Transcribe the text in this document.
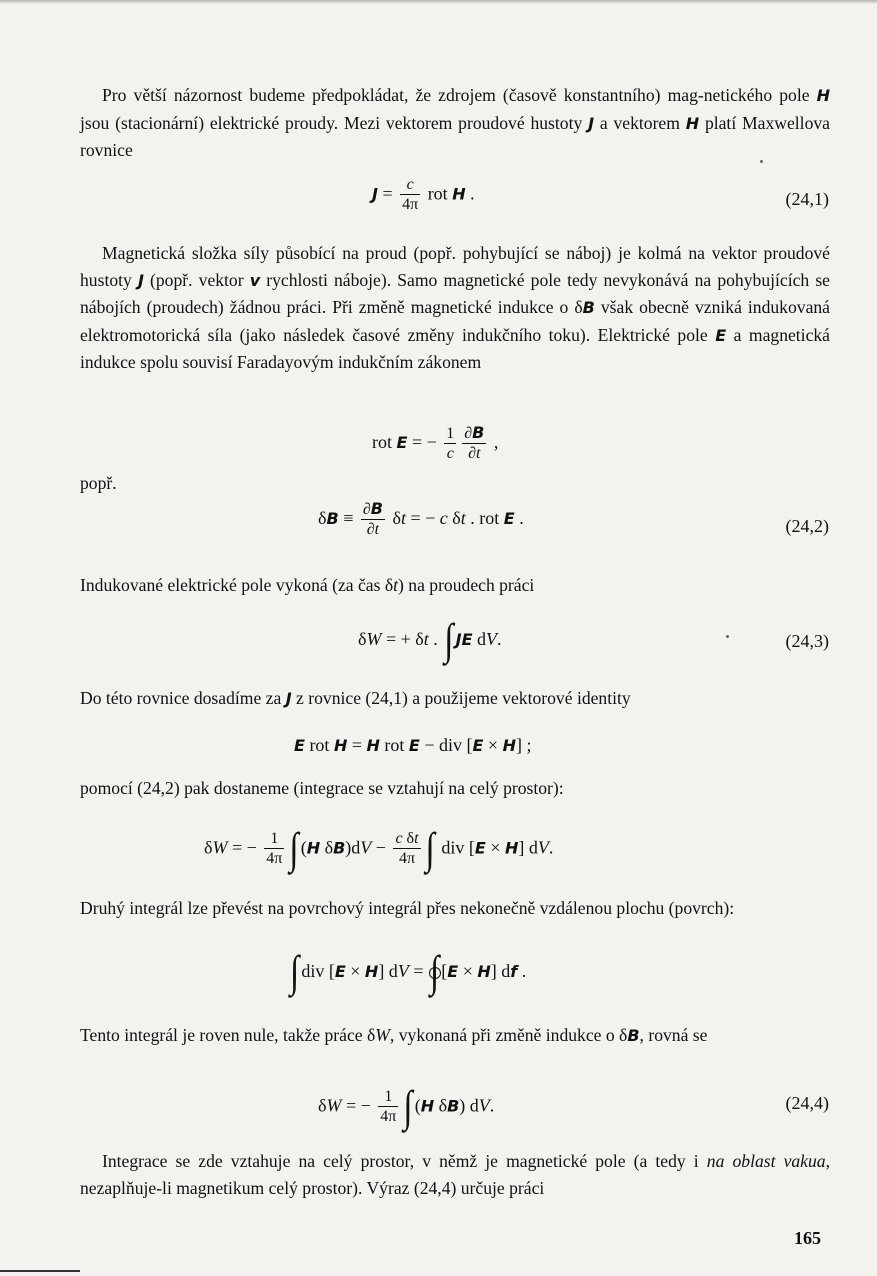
Pro větší názornost budeme předpokládat, že zdrojem (časově konstantního) mag-netického pole H jsou (stacionární) elektrické proudy. Mezi vektorem proudové hustoty J a vektorem H platí Maxwellova rovnice

$J = \frac{c}{4\pi}$ rot H .	(24,1)

Magnetická složka síly působící na proud (popř. pohybující se náboj) je kolmá na vektor proudové hustoty J (popř. vektor v rychlosti náboje). Samo magnetické pole tedy nevykonává na pohybujících se nábojích (proudech) žádnou práci. Při změně magnetické indukce o δB však obecně vzniká indukovaná elektromotorická síla (jako následek časové změny indukčního toku). Elektrické pole E a magnetická indukce spolu souvisí Faradayovým indukčním zákonem

rot E = − $\frac{1}{c} \frac{\partial B}{\partial t}$ ,

popř.

$\delta B \equiv \frac{\partial B}{\partial t}$ δt = − c δt . rot E .	(24,2)

Indukované elektrické pole vykoná (za čas δt) na proudech práci

δW = + δt . ∫ JE dV.	(24,3)

Do této rovnice dosadíme za J z rovnice (24,1) a použijeme vektorové identity

E rot H = H rot E − div [E × H] ;

pomocí (24,2) pak dostaneme (integrace se vztahují na celý prostor):

δW = − $\frac{1}{4\pi}$ ∫ (H $\delta B)dV - \frac{\text{c δt}}{4\pi}$ ∫ div [E × H] dV.

Druhý integrál lze převést na povrchový integrál přes nekonečně vzdálenou plochu (povrch):

∫ div [E × H] dV = ∫ [E × H] df .

Tento integrál je roven nule, takže práce δW, vykonaná při změně indukce o δB, rovná se

δW = − $\frac{1}{4\pi}$ ∫ (H δB) dV.	(24,4)

Integrace se zde vztahuje na celý prostor, v němž je magnetické pole (a tedy i na oblast vakua, nezaplňuje-li magnetikum celý prostor). Výraz (24,4) určuje práci

165
